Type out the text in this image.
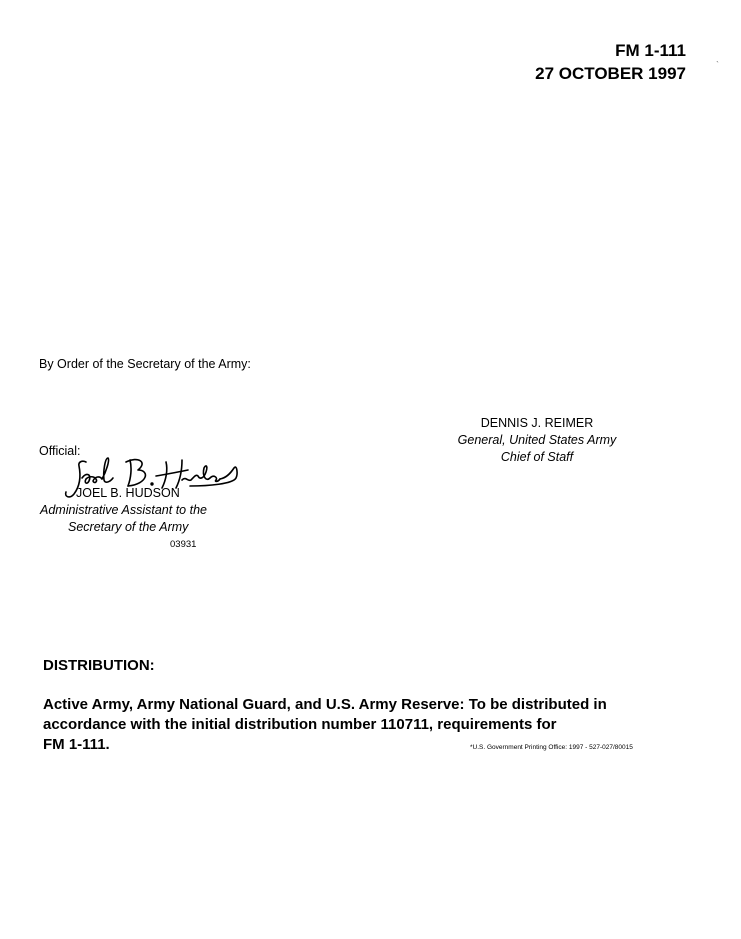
FM 1-111
27 OCTOBER 1997	`
By Order of the Secretary of the Army:
DENNIS J. REIMER
General, United States Army
Chief of Staff
Official:
JOEL B. HUDSON
Administrative Assistant to the
Secretary of the Army
03931
DISTRIBUTION:
Active Army, Army National Guard, and U.S. Army Reserve: To be distributed in
accordance with the initial distribution number 110711, requirements for
FM 1-111.	*U.S. Government Printing Office: 1997 - 527-027/80015
